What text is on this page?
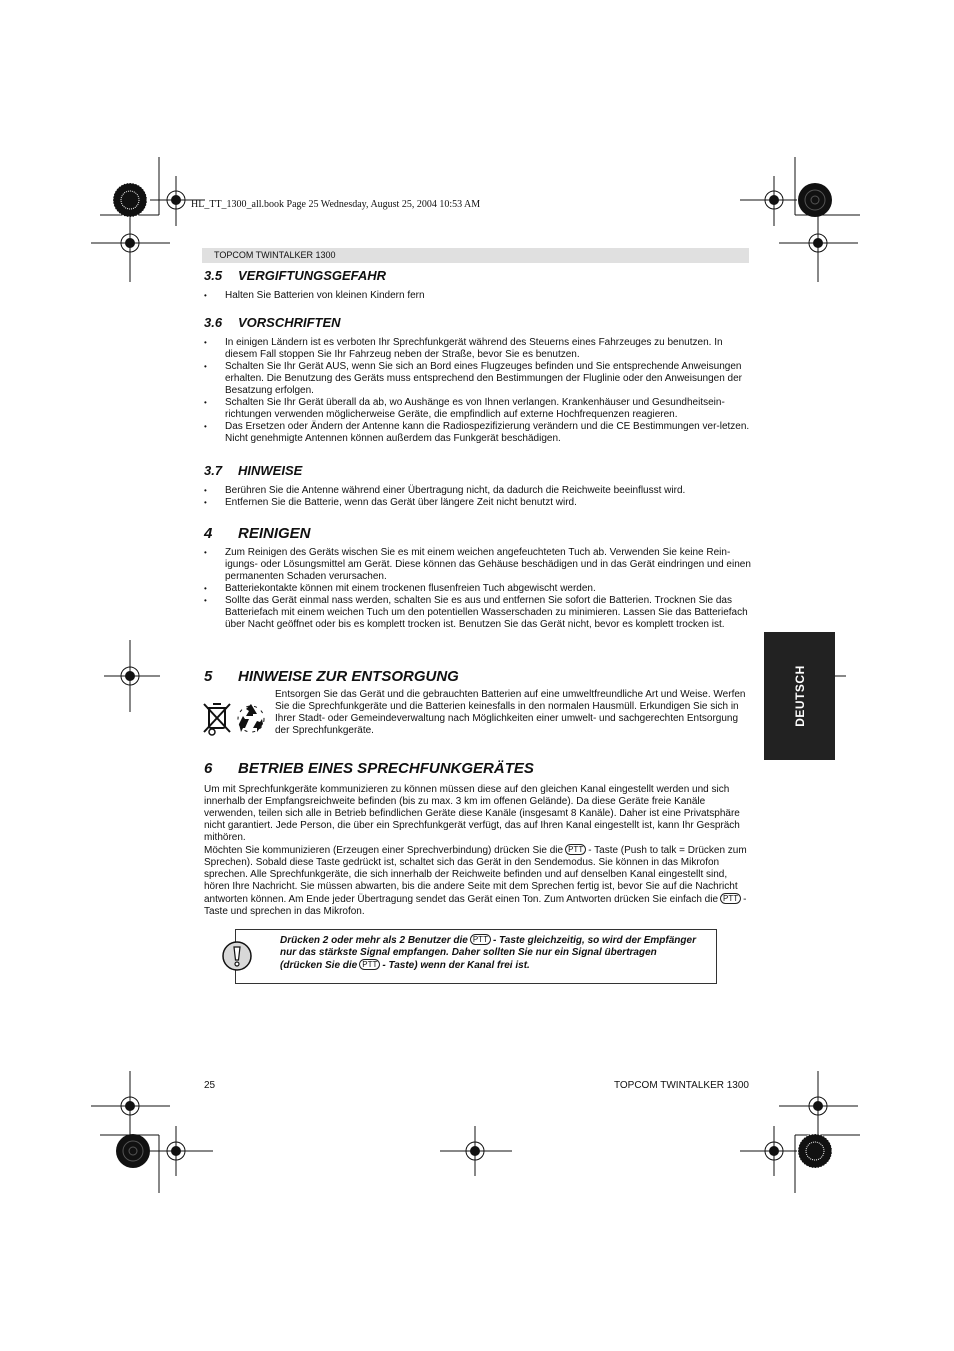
HL_TT_1300_all.book Page 25 Wednesday, August 25, 2004 10:53 AM
TOPCOM TWINTALKER 1300
3.5 VERGIFTUNGSGEFAHR
• Halten Sie Batterien von kleinen Kindern fern
3.6 VORSCHRIFTEN
• In einigen Ländern ist es verboten Ihr Sprechfunkgerät während des Steuerns eines Fahrzeuges zu benutzen. In diesem Fall stoppen Sie Ihr Fahrzeug neben der Straße, bevor Sie es benutzen.
• Schalten Sie Ihr Gerät AUS, wenn Sie sich an Bord eines Flugzeuges befinden und Sie entsprechende Anweisungen erhalten. Die Benutzung des Geräts muss entsprechend den Bestimmungen der Fluglinie oder den Anweisungen der Besatzung erfolgen.
• Schalten Sie Ihr Gerät überall da ab, wo Aushänge es von Ihnen verlangen. Krankenhäuser und Gesundheitsein-richtungen verwenden möglicherweise Geräte, die empfindlich auf externe Hochfrequenzen reagieren.
• Das Ersetzen oder Ändern der Antenne kann die Radiospezifizierung verändern und die CE Bestimmungen ver-letzen. Nicht genehmigte Antennen können außerdem das Funkgerät beschädigen.
3.7 HINWEISE
• Berühren Sie die Antenne während einer Übertragung nicht, da dadurch die Reichweite beeinflusst wird.
• Entfernen Sie die Batterie, wenn das Gerät über längere Zeit nicht benutzt wird.
4 REINIGEN
• Zum Reinigen des Geräts wischen Sie es mit einem weichen angefeuchteten Tuch ab. Verwenden Sie keine Rein-igungs- oder Lösungsmittel am Gerät. Diese können das Gehäuse beschädigen und in das Gerät eindringen und einen permanenten Schaden verursachen.
• Batteriekontakte können mit einem trockenen flusenfreien Tuch abgewischt werden.
• Sollte das Gerät einmal nass werden, schalten Sie es aus und entfernen Sie sofort die Batterien. Trocknen Sie das Batteriefach mit einem weichen Tuch um den potentiellen Wasserschaden zu minimieren. Lassen Sie das Batteriefach über Nacht geöffnet oder bis es komplett trocken ist. Benutzen Sie das Gerät nicht, bevor es komplett trocken ist.
DEUTSCH
5 HINWEISE ZUR ENTSORGUNG

Entsorgen Sie das Gerät und die gebrauchten Batterien auf eine umweltfreundliche Art und Weise. Werfen Sie die Sprechfunkgeräte und die Batterien keinesfalls in den normalen Hausmüll. Erkundigen Sie sich in Ihrer Stadt- oder Gemeindeverwaltung nach Möglichkeiten einer umwelt- und sachgerechten Entsorgung der Sprechfunkgeräte.

6 BETRIEB EINES SPRECHFUNKGERÄTES

Um mit Sprechfunkgeräte kommunizieren zu können müssen diese auf den gleichen Kanal eingestellt werden und sich innerhalb der Empfangsreichweite befinden (bis zu max. 3 km im offenen Gelände). Da diese Geräte freie Kanäle verwenden, teilen sich alle in Betrieb befindlichen Geräte diese Kanäle (insgesamt 8 Kanäle). Daher ist eine Privatsphäre nicht garantiert. Jede Person, die über ein Sprechfunkgerät verfügt, das auf Ihren Kanal eingestellt ist, kann Ihr Gespräch mithören.

Möchten Sie kommunizieren (Erzeugen einer Sprechverbindung) drücken Sie die PTT - Taste (Push to talk = Drücken zum Sprechen). Sobald diese Taste gedrückt ist, schaltet sich das Gerät in den Sendemodus. Sie können in das Mikrofon sprechen. Alle Sprechfunkgeräte, die sich innerhalb der Reichweite befinden und auf denselben Kanal eingestellt sind, hören Ihre Nachricht. Sie müssen abwarten, bis die andere Seite mit dem Sprechen fertig ist, bevor Sie auf die Nachricht antworten können. Am Ende jeder Übertragung sendet das Gerät einen Ton. Zum Antworten drücken Sie einfach die PTT - Taste und sprechen in das Mikrofon.

Drücken 2 oder mehr als 2 Benutzer die PTT - Taste gleichzeitig, so wird der Empfänger nur das stärkste Signal empfangen. Daher sollten Sie nur ein Signal übertragen (drücken Sie die PTT - Taste) wenn der Kanal frei ist.

25	TOPCOM TWINTALKER 1300
